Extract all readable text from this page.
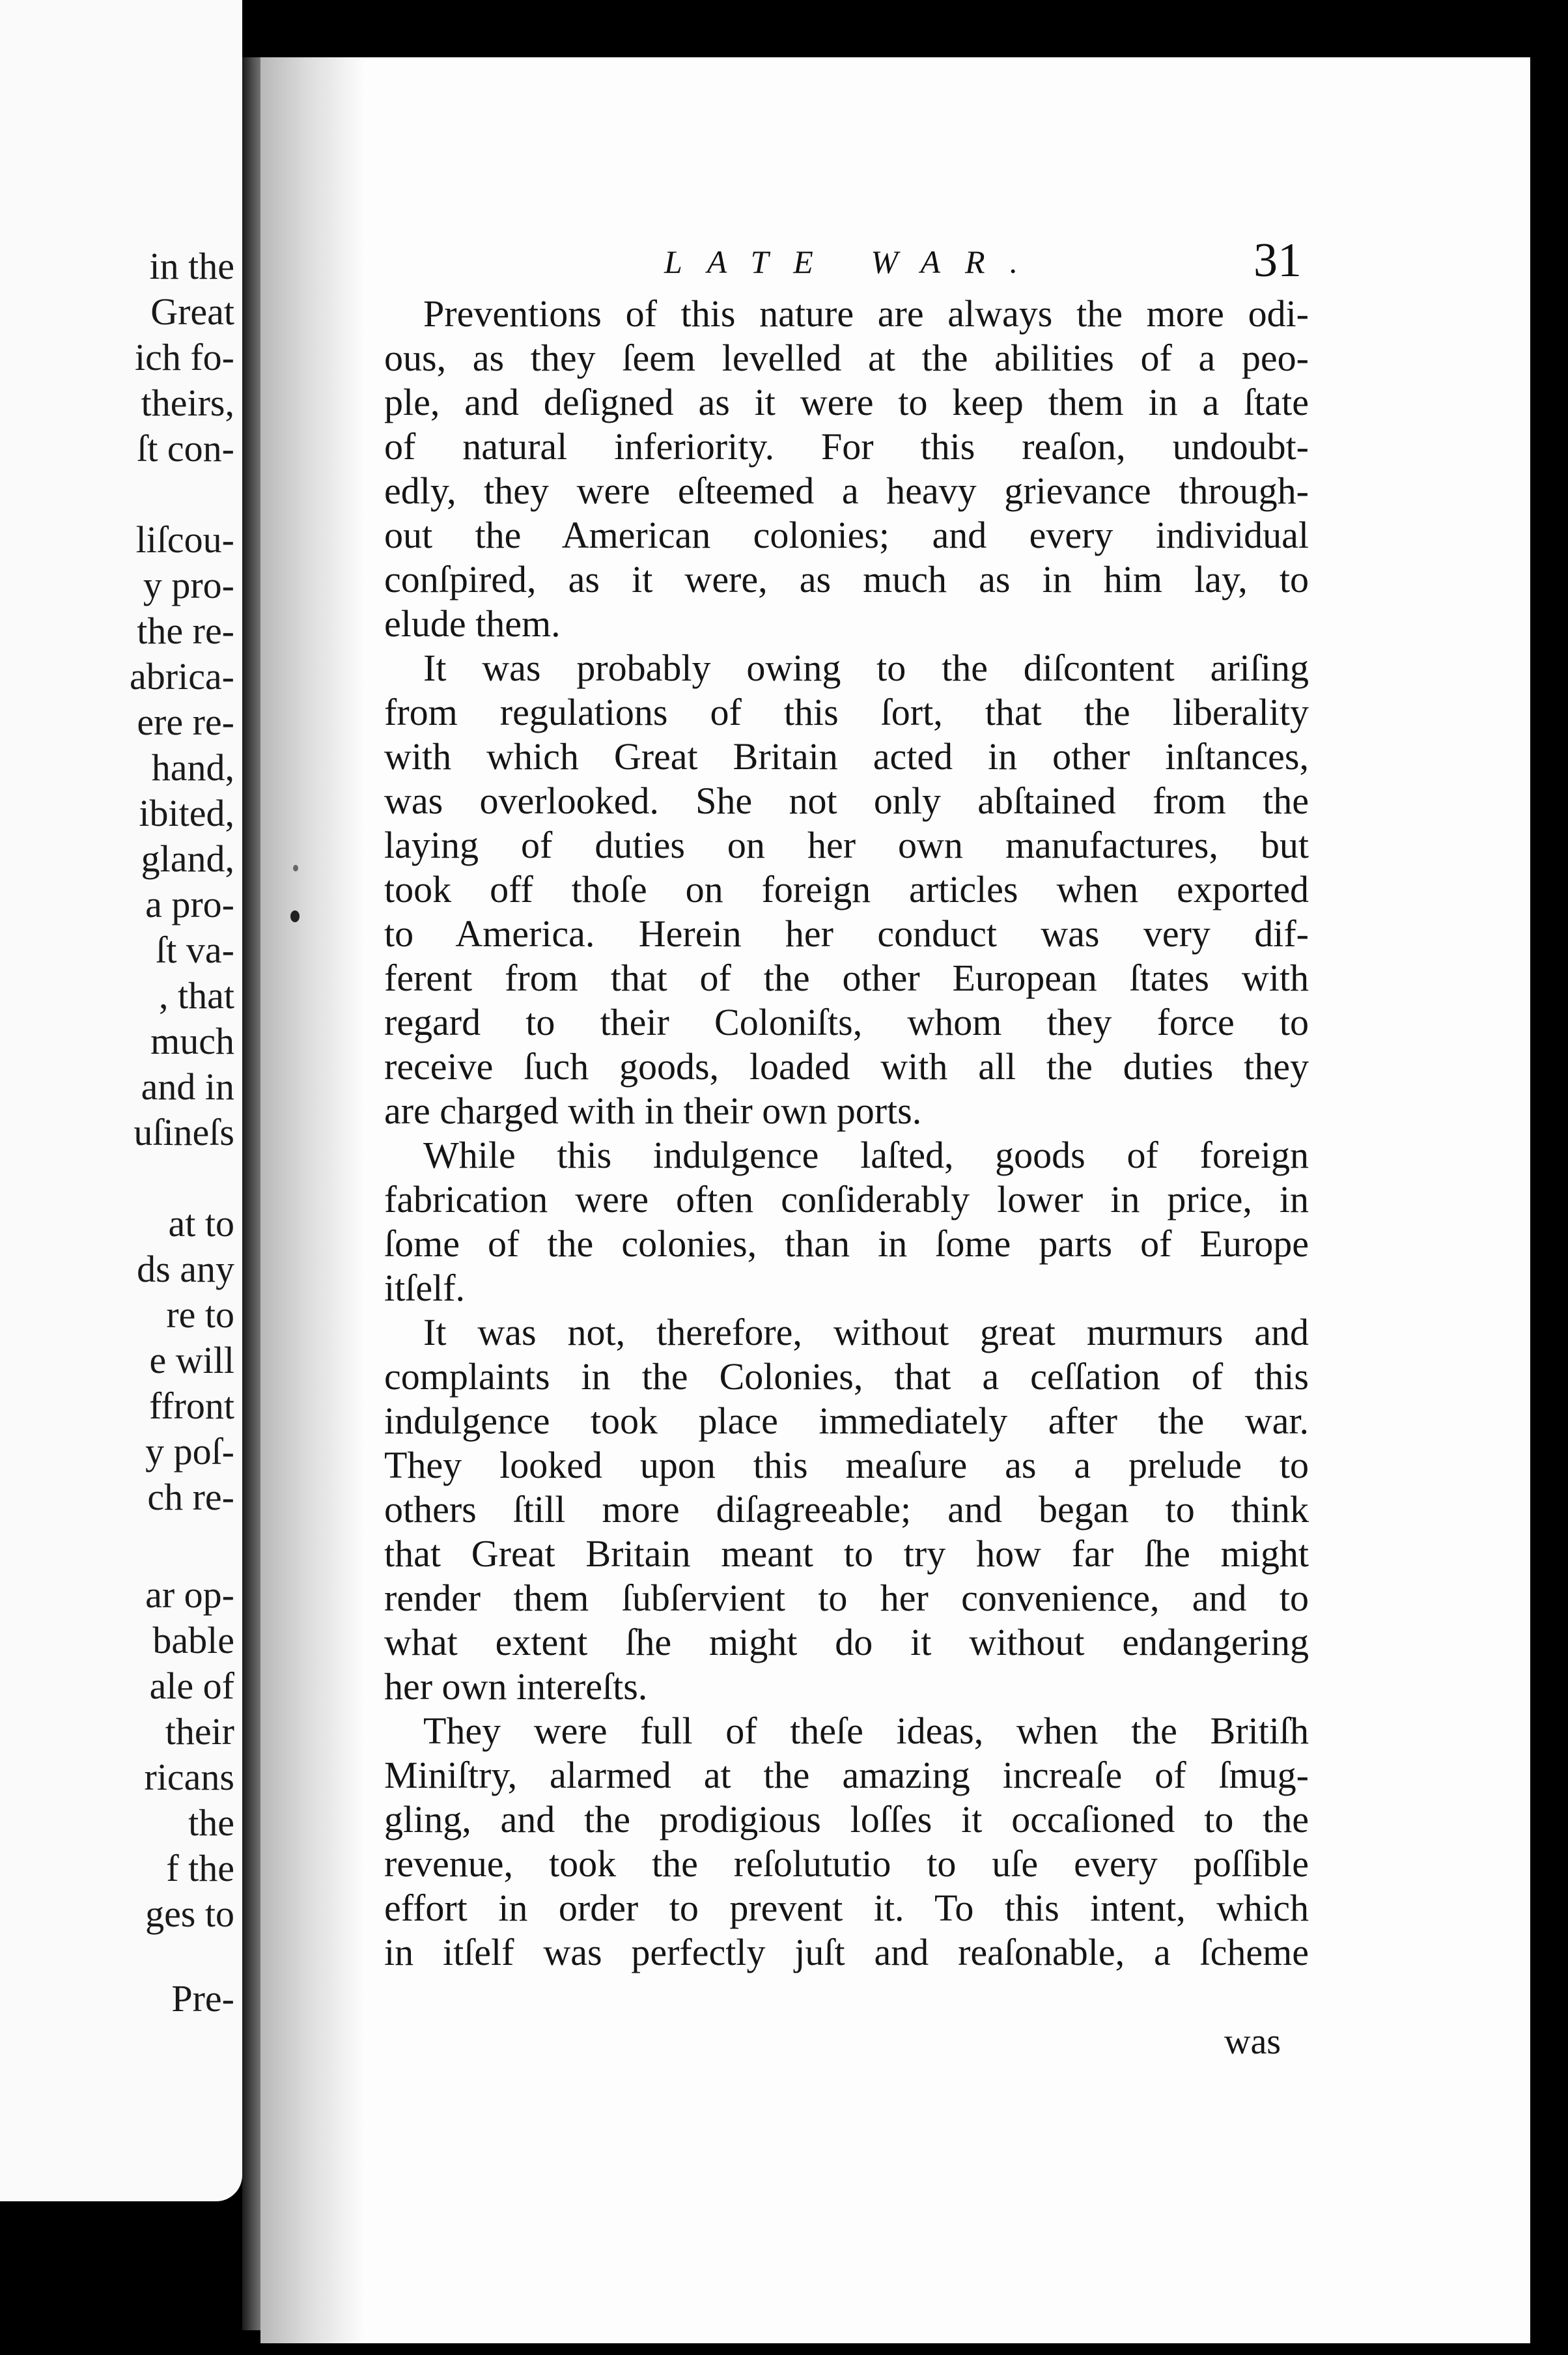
in the
Great
ich fo-
theirs,
ſt con-
liſcou-
y pro-
the re-
abrica-
ere re-
hand,
ibited,
gland,
a pro-
ſt va-
, that
much
and in
uſineſs
at to
ds any
re to
e will
ffront
y poſ-
ch re-
ar op-
bable
ale of
their
ricans
the
f the
ges to
Pre-
LATE WAR.	31
Preventions of this nature are always the more odi-
ous, as they ſeem levelled at the abilities of a peo-
ple, and deſigned as it were to keep them in a ſtate
of natural inferiority. For this reaſon, undoubt-
edly, they were eſteemed a heavy grievance through-
out the American colonies; and every individual
conſpired, as it were, as much as in him lay, to
elude them.
It was probably owing to the diſcontent ariſing
from regulations of this ſort, that the liberality
with which Great Britain acted in other inſtances,
was overlooked. She not only abſtained from the
laying of duties on her own manufactures, but
took off thoſe on foreign articles when exported
to America. Herein her conduct was very dif-
ferent from that of the other European ſtates with
regard to their Coloniſts, whom they force to
receive ſuch goods, loaded with all the duties they
are charged with in their own ports.
While this indulgence laſted, goods of foreign
fabrication were often conſiderably lower in price, in
ſome of the colonies, than in ſome parts of Europe
itſelf.
It was not, therefore, without great murmurs and
complaints in the Colonies, that a ceſſation of this
indulgence took place immediately after the war.
They looked upon this meaſure as a prelude to
others ſtill more diſagreeable; and began to think
that Great Britain meant to try how far ſhe might
render them ſubſervient to her convenience, and to
what extent ſhe might do it without endangering
her own intereſts.
They were full of theſe ideas, when the Britiſh
Miniſtry, alarmed at the amazing increaſe of ſmug-
gling, and the prodigious loſſes it occaſioned to the
revenue, took the reſolututio to uſe every poſſible
effort in order to prevent it. To this intent, which
in itſelf was perfectly juſt and reaſonable, a ſcheme
was
